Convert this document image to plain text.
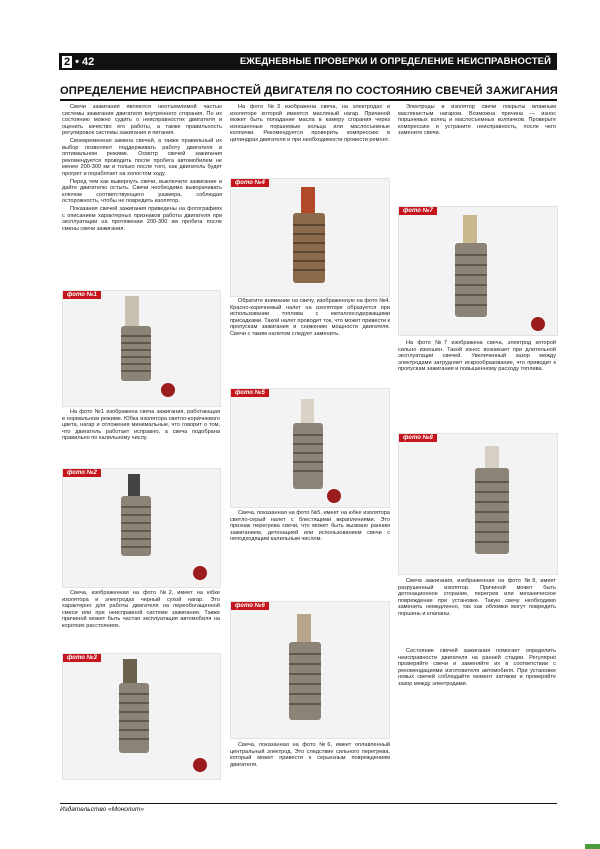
2 • 42	ЕЖЕДНЕВНЫЕ ПРОВЕРКИ И ОПРЕДЕЛЕНИЕ НЕИСПРАВНОСТЕЙ
ОПРЕДЕЛЕНИЕ НЕИСПРАВНОСТЕЙ ДВИГАТЕЛЯ ПО СОСТОЯНИЮ СВЕЧЕЙ ЗАЖИГАНИЯ

Свечи зажигания являются неотъемлемой частью системы зажигания двигателя внутреннего сгорания. По их состоянию можно судить о неисправностях двигателя и оценить качество его работы, а также правильность регулировок системы зажигания и питания.

Своевременная замена свечей, а также правильный их выбор позволяют поддерживать работу двигателя в оптимальном режиме. Осмотр свечей зажигания рекомендуется проводить после пробега автомобилем не менее 200-300 км и только после того, как двигатель будет прогрет и поработает на холостом ходу.

Перед тем как вывернуть свечи, выключите зажигание и дайте двигателю остыть. Свечи необходимо выворачивать ключом соответствующего размера, соблюдая осторожность, чтобы не повредить изолятор.

Показания свечей зажигания приведены на фотографиях с описанием характерных признаков работы двигателя при эксплуатации на протяжении 200-300 км пробега после смены свечи зажигания.

фото №1

На фото №1 изображена свеча зажигания, работающая в нормальном режиме. Юбка изолятора светло-коричневого цвета, нагар и отложения минимальные, что говорит о том, что двигатель работает исправно, а свеча подобрана правильно по калильному числу.

фото №2

Свеча, изображенная на фото №2, имеет на юбке изолятора и электродах черный сухой нагар. Это характерно для работы двигателя на переобогащенной смеси или при неисправной системе зажигания. Также причиной может быть частая эксплуатация автомобиля на коротких расстояниях.

фото №3

На фото №3 изображена свеча, на электродах и изоляторе которой имеется масляный нагар. Причиной может быть попадание масла в камеру сгорания через изношенные поршневые кольца или маслосъемные колпачки. Рекомендуется проверить компрессию в цилиндрах двигателя и при необходимости провести ремонт.

фото №4

Обратите внимание на свечу, изображенную на фото №4. Красно-коричневый налет на изоляторе образуется при использовании топлива с металлосодержащими присадками. Такой налет проводит ток, что может привести к пропускам зажигания и снижению мощности двигателя. Свечи с таким налетом следует заменить.

фото №5

Свеча, показанная на фото №5, имеет на юбке изолятора светло-серый налет с блестящими вкраплениями. Это признак перегрева свечи, что может быть вызвано ранним зажиганием, детонацией или использованием свечи с неподходящим калильным числом.

фото №6

Свеча, показанная на фото №6, имеет оплавленный центральный электрод. Это следствие сильного перегрева, который может привести к серьезным повреждениям двигателя.

Электроды и изолятор свечи покрыты влажным маслянистым нагаром. Возможна причина — износ поршневых колец и маслосъемных колпачков. Проверьте компрессию и устраните неисправность, после чего замените свечи.

фото №7

На фото №7 изображена свеча, электрод которой сильно изношен. Такой износ возникает при длительной эксплуатации свечей. Увеличенный зазор между электродами затрудняет искрообразование, что приводит к пропускам зажигания и повышенному расходу топлива.

фото №8

Свеча зажигания, изображенная на фото №8, имеет разрушенный изолятор. Причиной может быть детонационное сгорание, перегрев или механическое повреждение при установке. Такую свечу необходимо заменить немедленно, так как обломки могут повредить поршень и клапаны.

Состояние свечей зажигания помогает определить неисправности двигателя на ранней стадии. Регулярно проверяйте свечи и заменяйте их в соответствии с рекомендациями изготовителя автомобиля. При установке новых свечей соблюдайте момент затяжки и проверяйте зазор между электродами.

Издательство «Монолит»
